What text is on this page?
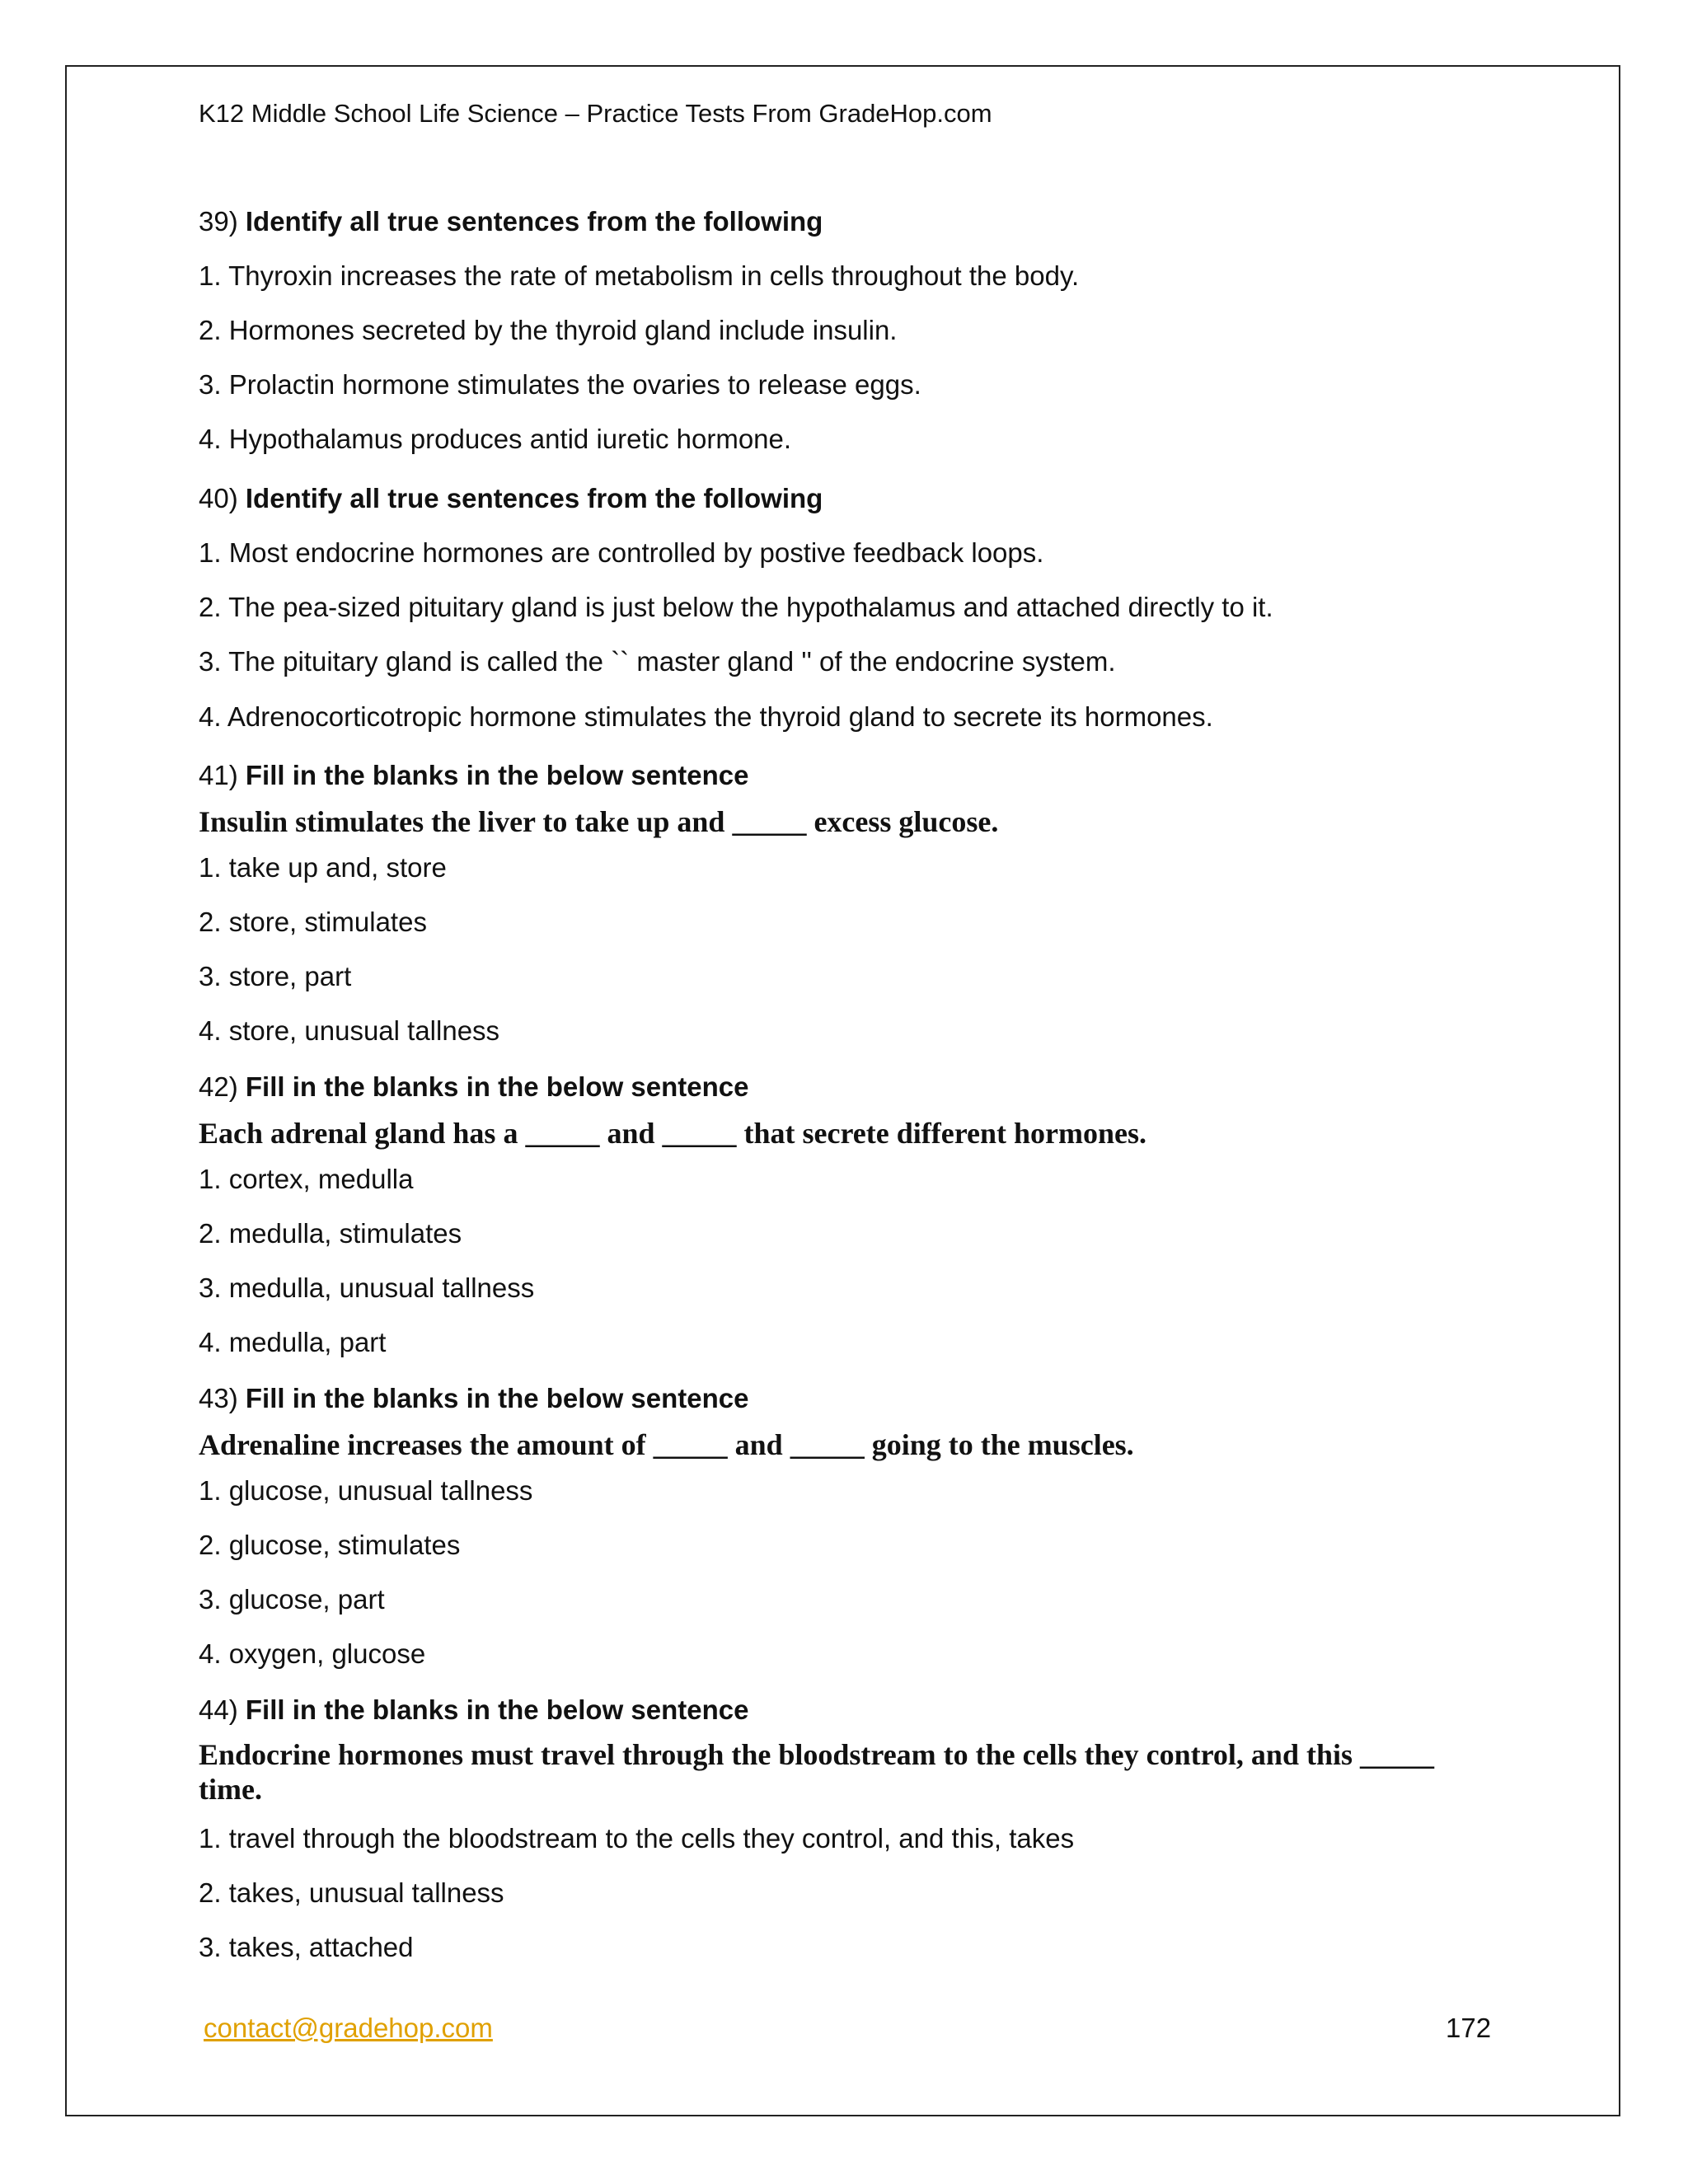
K12 Middle School Life Science – Practice Tests From GradeHop.com
39) Identify all true sentences from the following
1. Thyroxin increases the rate of metabolism in cells throughout the body.
2. Hormones secreted by the thyroid gland include insulin.
3. Prolactin hormone stimulates the ovaries to release eggs.
4. Hypothalamus produces antid iuretic hormone.
40) Identify all true sentences from the following
1. Most endocrine hormones are controlled by postive feedback loops.
2. The pea-sized pituitary gland is just below the hypothalamus and attached directly to it.
3. The pituitary gland is called the `` master gland '' of the endocrine system.
4. Adrenocorticotropic hormone stimulates the thyroid gland to secrete its hormones.
41) Fill in the blanks in the below sentence
Insulin stimulates the liver to take up and _____ excess glucose.
1. take up and, store
2. store, stimulates
3. store, part
4. store, unusual tallness
42) Fill in the blanks in the below sentence
Each adrenal gland has a _____ and _____ that secrete different hormones.
1. cortex, medulla
2. medulla, stimulates
3. medulla, unusual tallness
4. medulla, part
43) Fill in the blanks in the below sentence
Adrenaline increases the amount of _____ and _____ going to the muscles.
1. glucose, unusual tallness
2. glucose, stimulates
3. glucose, part
4. oxygen, glucose
44) Fill in the blanks in the below sentence
Endocrine hormones must travel through the bloodstream to the cells they control, and this _____ time.
1. travel through the bloodstream to the cells they control, and this, takes
2. takes, unusual tallness
3. takes, attached
contact@gradehop.com	172
